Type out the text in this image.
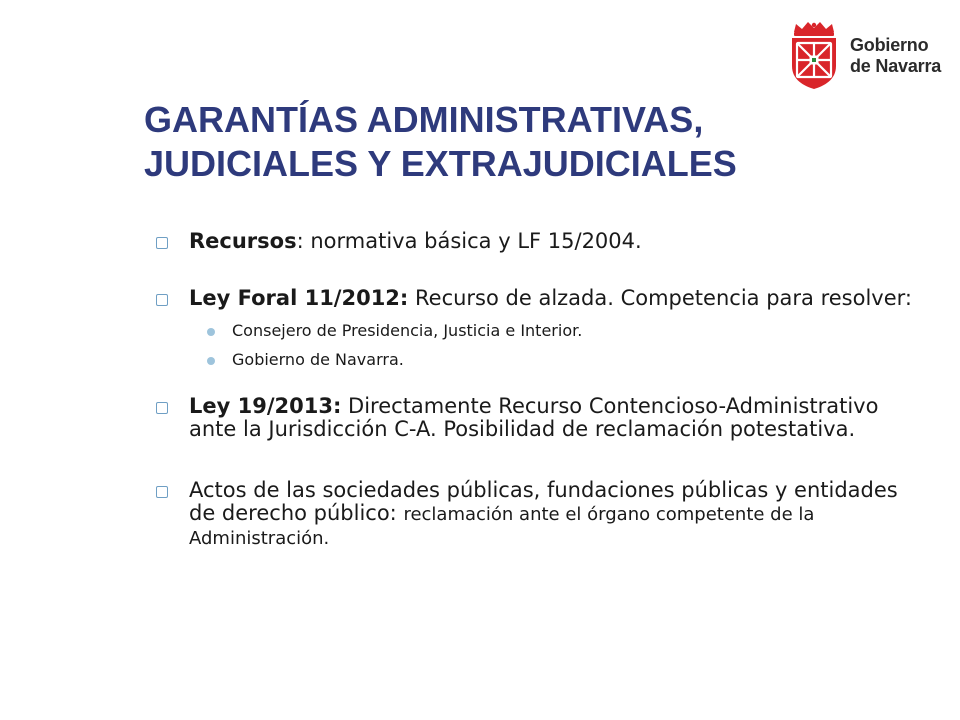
Gobierno
de Navarra
GARANTÍAS ADMINISTRATIVAS,
JUDICIALES Y EXTRAJUDICIALES

Recursos: normativa básica y LF 15/2004.

Ley Foral 11/2012: Recurso de alzada. Competencia para resolver:

Consejero de Presidencia, Justicia e Interior.
Gobierno de Navarra.

Ley 19/2013: Directamente Recurso Contencioso-Administrativo ante la Jurisdicción C-A. Posibilidad de reclamación potestativa.

Actos de las sociedades públicas, fundaciones públicas y entidades de derecho público: reclamación ante el órgano competente de la Administración.
